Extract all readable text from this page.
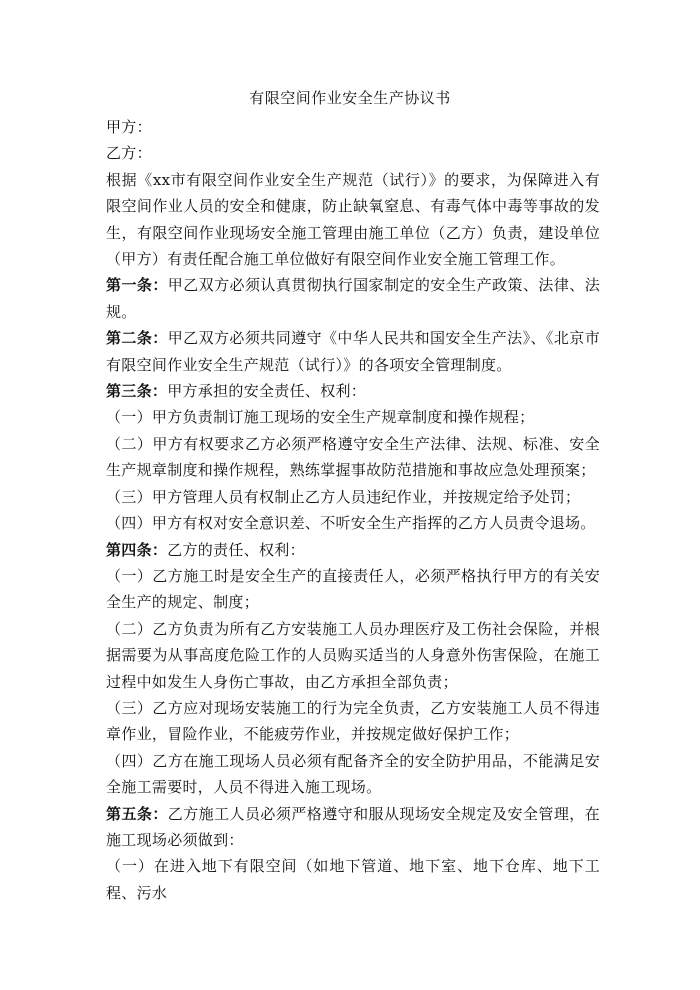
有限空间作业安全生产协议书

甲方：

乙方：

根据《xx市有限空间作业安全生产规范（试行）》的要求，为保障进入有限空间作业人员的安全和健康，防止缺氧窒息、有毒气体中毒等事故的发生，有限空间作业现场安全施工管理由施工单位（乙方）负责，建设单位（甲方）有责任配合施工单位做好有限空间作业安全施工管理工作。

第一条：甲乙双方必须认真贯彻执行国家制定的安全生产政策、法律、法规。

第二条：甲乙双方必须共同遵守《中华人民共和国安全生产法》、《北京市有限空间作业安全生产规范（试行）》的各项安全管理制度。

第三条：甲方承担的安全责任、权利：

（一）甲方负责制订施工现场的安全生产规章制度和操作规程；

（二）甲方有权要求乙方必须严格遵守安全生产法律、法规、标准、安全生产规章制度和操作规程，熟练掌握事故防范措施和事故应急处理预案；

（三）甲方管理人员有权制止乙方人员违纪作业，并按规定给予处罚；

（四）甲方有权对安全意识差、不听安全生产指挥的乙方人员责令退场。

第四条：乙方的责任、权利：

（一）乙方施工时是安全生产的直接责任人，必须严格执行甲方的有关安全生产的规定、制度；

（二）乙方负责为所有乙方安装施工人员办理医疗及工伤社会保险，并根据需要为从事高度危险工作的人员购买适当的人身意外伤害保险，在施工过程中如发生人身伤亡事故，由乙方承担全部负责；

（三）乙方应对现场安装施工的行为完全负责，乙方安装施工人员不得违章作业，冒险作业，不能疲劳作业，并按规定做好保护工作；

（四）乙方在施工现场人员必须有配备齐全的安全防护用品，不能满足安全施工需要时，人员不得进入施工现场。

第五条：乙方施工人员必须严格遵守和服从现场安全规定及安全管理，在施工现场必须做到：

（一）在进入地下有限空间（如地下管道、地下室、地下仓库、地下工程、污水
